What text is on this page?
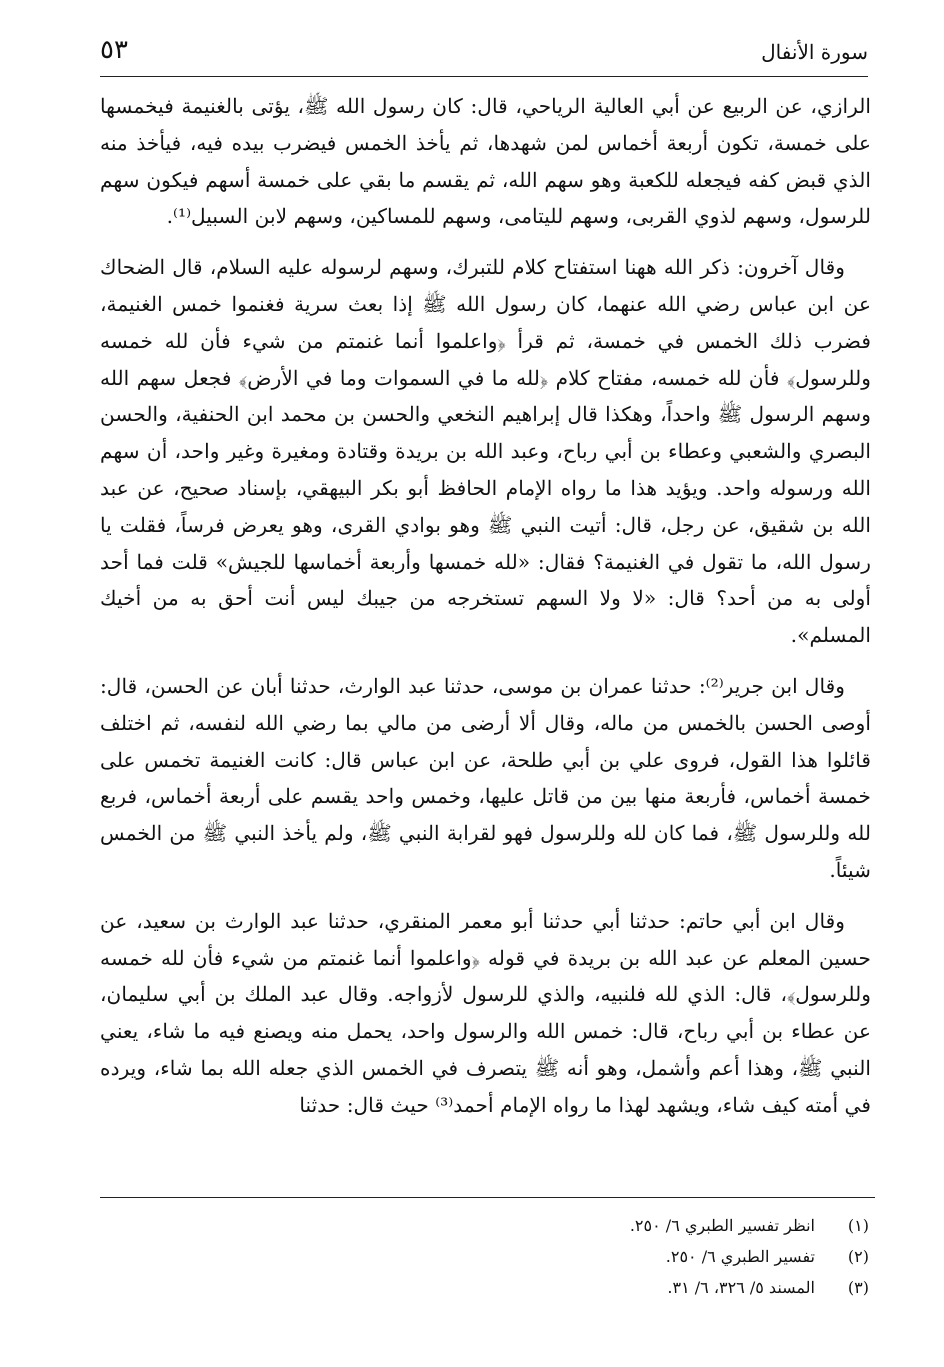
سورة الأنفال
٥٣

الرازي، عن الربيع عن أبي العالية الرياحي، قال: كان رسول الله ﷺ، يؤتى بالغنيمة فيخمسها على خمسة، تكون أربعة أخماس لمن شهدها، ثم يأخذ الخمس فيضرب بيده فيه، فيأخذ منه الذي قبض كفه فيجعله للكعبة وهو سهم الله، ثم يقسم ما بقي على خمسة أسهم فيكون سهم للرسول، وسهم لذوي القربى، وسهم لليتامى، وسهم للمساكين، وسهم لابن السبيل⁽¹⁾.

وقال آخرون: ذكر الله ههنا استفتاح كلام للتبرك، وسهم لرسوله عليه السلام، قال الضحاك عن ابن عباس رضي الله عنهما، كان رسول الله ﷺ إذا بعث سرية فغنموا خمس الغنيمة، فضرب ذلك الخمس في خمسة، ثم قرأ ﴿واعلموا أنما غنمتم من شيء فأن لله خمسه وللرسول﴾ فأن لله خمسه، مفتاح كلام ﴿لله ما في السموات وما في الأرض﴾ فجعل سهم الله وسهم الرسول ﷺ واحداً، وهكذا قال إبراهيم النخعي والحسن بن محمد ابن الحنفية، والحسن البصري والشعبي وعطاء بن أبي رباح، وعبد الله بن بريدة وقتادة ومغيرة وغير واحد، أن سهم الله ورسوله واحد. ويؤيد هذا ما رواه الإمام الحافظ أبو بكر البيهقي، بإسناد صحيح، عن عبد الله بن شقيق، عن رجل، قال: أتيت النبي ﷺ وهو بوادي القرى، وهو يعرض فرساً، فقلت يا رسول الله، ما تقول في الغنيمة؟ فقال: «لله خمسها وأربعة أخماسها للجيش» قلت فما أحد أولى به من أحد؟ قال: «لا ولا السهم تستخرجه من جيبك ليس أنت أحق به من أخيك المسلم».

وقال ابن جرير⁽²⁾: حدثنا عمران بن موسى، حدثنا عبد الوارث، حدثنا أبان عن الحسن، قال: أوصى الحسن بالخمس من ماله، وقال ألا أرضى من مالي بما رضي الله لنفسه، ثم اختلف قائلوا هذا القول، فروى علي بن أبي طلحة، عن ابن عباس قال: كانت الغنيمة تخمس على خمسة أخماس، فأربعة منها بين من قاتل عليها، وخمس واحد يقسم على أربعة أخماس، فربع لله وللرسول ﷺ، فما كان لله وللرسول فهو لقرابة النبي ﷺ، ولم يأخذ النبي ﷺ من الخمس شيئاً.

وقال ابن أبي حاتم: حدثنا أبي حدثنا أبو معمر المنقري، حدثنا عبد الوارث بن سعيد، عن حسين المعلم عن عبد الله بن بريدة في قوله ﴿واعلموا أنما غنمتم من شيء فأن لله خمسه وللرسول﴾، قال: الذي لله فلنبيه، والذي للرسول لأزواجه. وقال عبد الملك بن أبي سليمان، عن عطاء بن أبي رباح، قال: خمس الله والرسول واحد، يحمل منه ويصنع فيه ما شاء، يعني النبي ﷺ، وهذا أعم وأشمل، وهو أنه ﷺ يتصرف في الخمس الذي جعله الله بما شاء، ويرده في أمته كيف شاء، ويشهد لهذا ما رواه الإمام أحمد⁽³⁾ حيث قال: حدثنا

(١)
انظر تفسير الطبري ٦/ ٢٥٠.
(٢)
تفسير الطبري ٦/ ٢٥٠.
(٣)
المسند ٥/ ٣٢٦، ٦/ ٣١.
